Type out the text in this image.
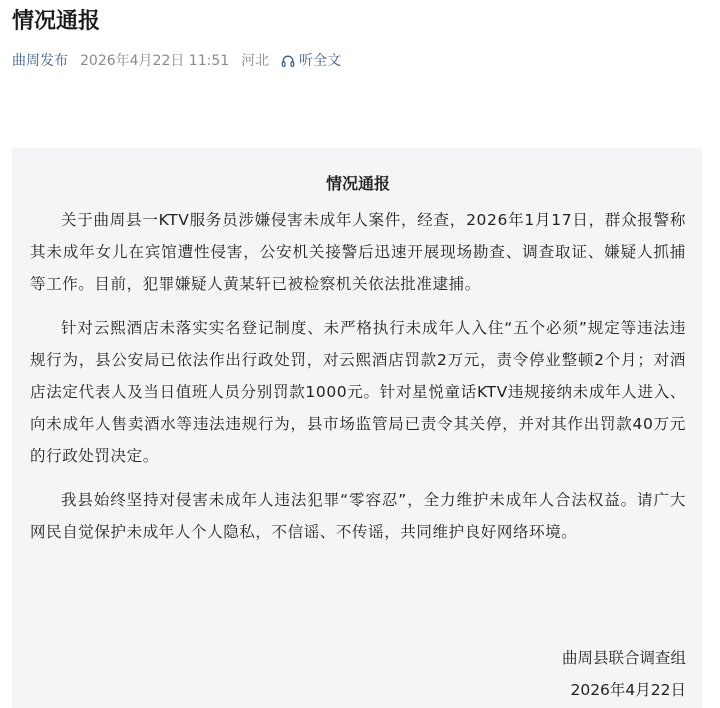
情况通报
曲周发布 2026年4月22日 11:51 河北 听全文
情况通报

关于曲周县一KTV服务员涉嫌侵害未成年人案件，经查，2026年1月17日，群众报警称其未成年女儿在宾馆遭性侵害，公安机关接警后迅速开展现场勘查、调查取证、嫌疑人抓捕等工作。目前，犯罪嫌疑人黄某轩已被检察机关依法批准逮捕。

针对云熙酒店未落实实名登记制度、未严格执行未成年人入住“五个必须”规定等违法违规行为，县公安局已依法作出行政处罚，对云熙酒店罚款2万元，责令停业整顿2个月；对酒店法定代表人及当日值班人员分别罚款1000元。针对星悦童话KTV违规接纳未成年人进入、向未成年人售卖酒水等违法违规行为，县市场监管局已责令其关停，并对其作出罚款40万元的行政处罚决定。

我县始终坚持对侵害未成年人违法犯罪“零容忍”，全力维护未成年人合法权益。请广大网民自觉保护未成年人个人隐私，不信谣、不传谣，共同维护良好网络环境。

曲周县联合调查组
2026年4月22日
